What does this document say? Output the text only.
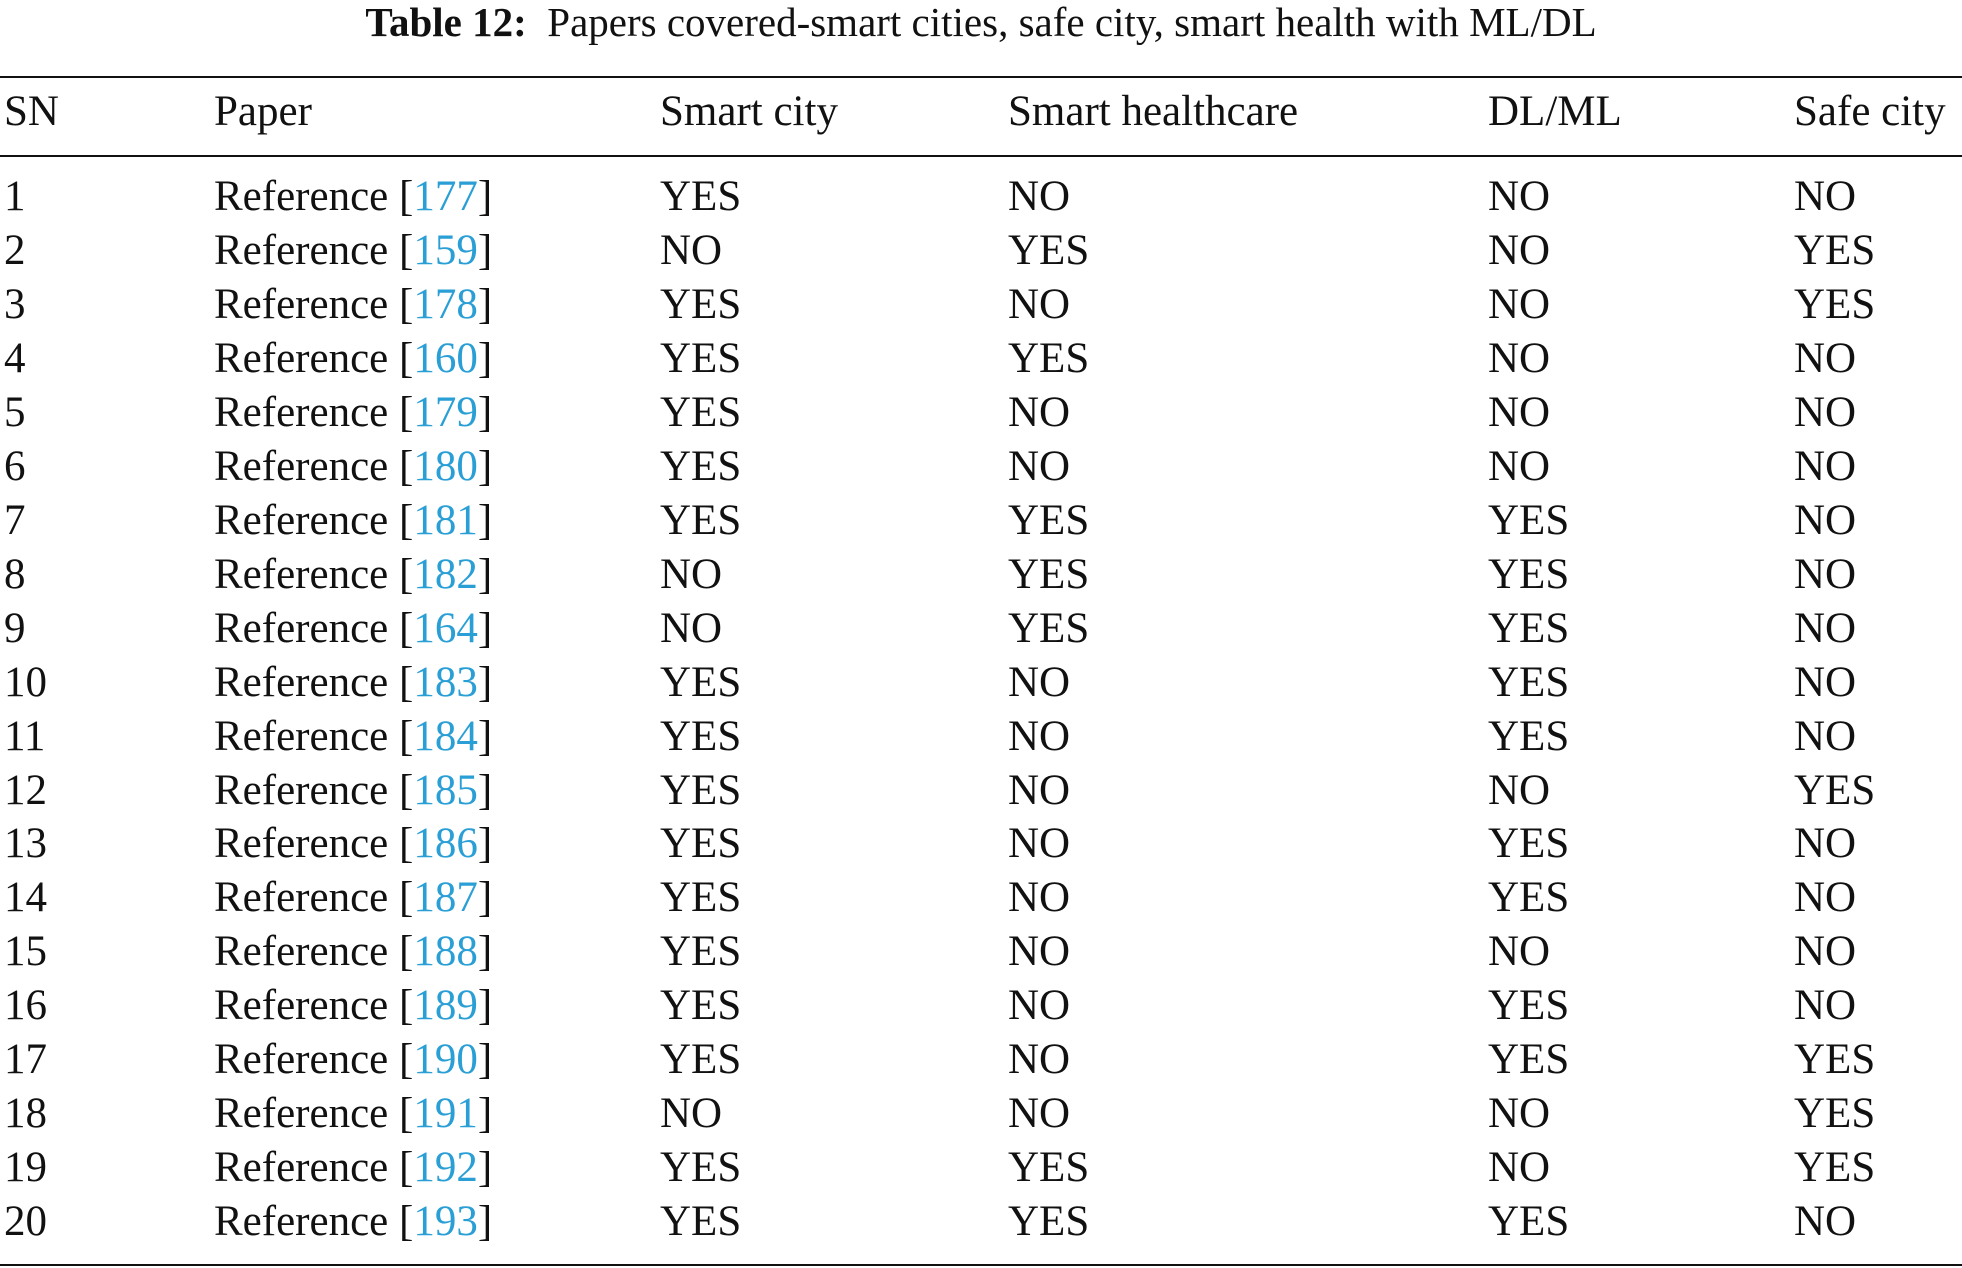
Table 12: Papers covered-smart cities, safe city, smart health with ML/DL
SN	Paper	Smart city	Smart healthcare	DL/ML	Safe city
1	Reference [177]	YES	NO	NO	NO
2	Reference [159]	NO	YES	NO	YES
3	Reference [178]	YES	NO	NO	YES
4	Reference [160]	YES	YES	NO	NO
5	Reference [179]	YES	NO	NO	NO
6	Reference [180]	YES	NO	NO	NO
7	Reference [181]	YES	YES	YES	NO
8	Reference [182]	NO	YES	YES	NO
9	Reference [164]	NO	YES	YES	NO
10	Reference [183]	YES	NO	YES	NO
11	Reference [184]	YES	NO	YES	NO
12	Reference [185]	YES	NO	NO	YES
13	Reference [186]	YES	NO	YES	NO
14	Reference [187]	YES	NO	YES	NO
15	Reference [188]	YES	NO	NO	NO
16	Reference [189]	YES	NO	YES	NO
17	Reference [190]	YES	NO	YES	YES
18	Reference [191]	NO	NO	NO	YES
19	Reference [192]	YES	YES	NO	YES
20	Reference [193]	YES	YES	YES	NO
